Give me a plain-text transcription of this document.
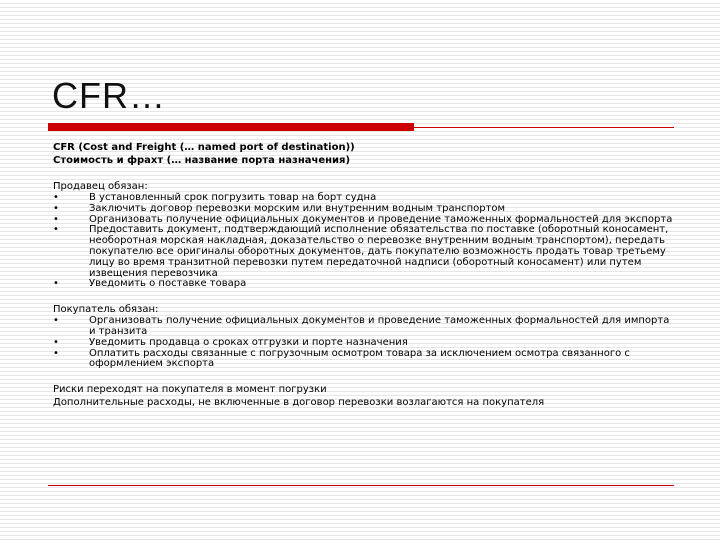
CFR…

CFR (Cost and Freight (… named port of destination))

Стоимость и фрахт (… название порта назначения)

Продавец обязан:

•	В установленный срок погрузить товар на борт судна
•	Заключить договор перевозки морским или внутренним водным транспортом
•	Организовать получение официальных документов и проведение таможенных формальностей для экспорта
•	Предоставить документ, подтверждающий исполнение обязательства по поставке (оборотный коносамент, необоротная морская накладная, доказательство о перевозке внутренним водным транспортом), передать покупателю все оригиналы оборотных документов, дать покупателю возможность продать товар третьему лицу во время транзитной перевозки путем передаточной надписи (оборотный коносамент) или путем извещения перевозчика
•	Уведомить о поставке товара

Покупатель обязан:

•	Организовать получение официальных документов и проведение таможенных формальностей для импорта и транзита
•	Уведомить продавца о сроках отгрузки и порте назначения
•	Оплатить расходы связанные с погрузочным осмотром товара за исключением осмотра связанного с оформлением экспорта

Риски переходят на покупателя в момент погрузки

Дополнительные расходы, не включенные в договор перевозки возлагаются на покупателя
